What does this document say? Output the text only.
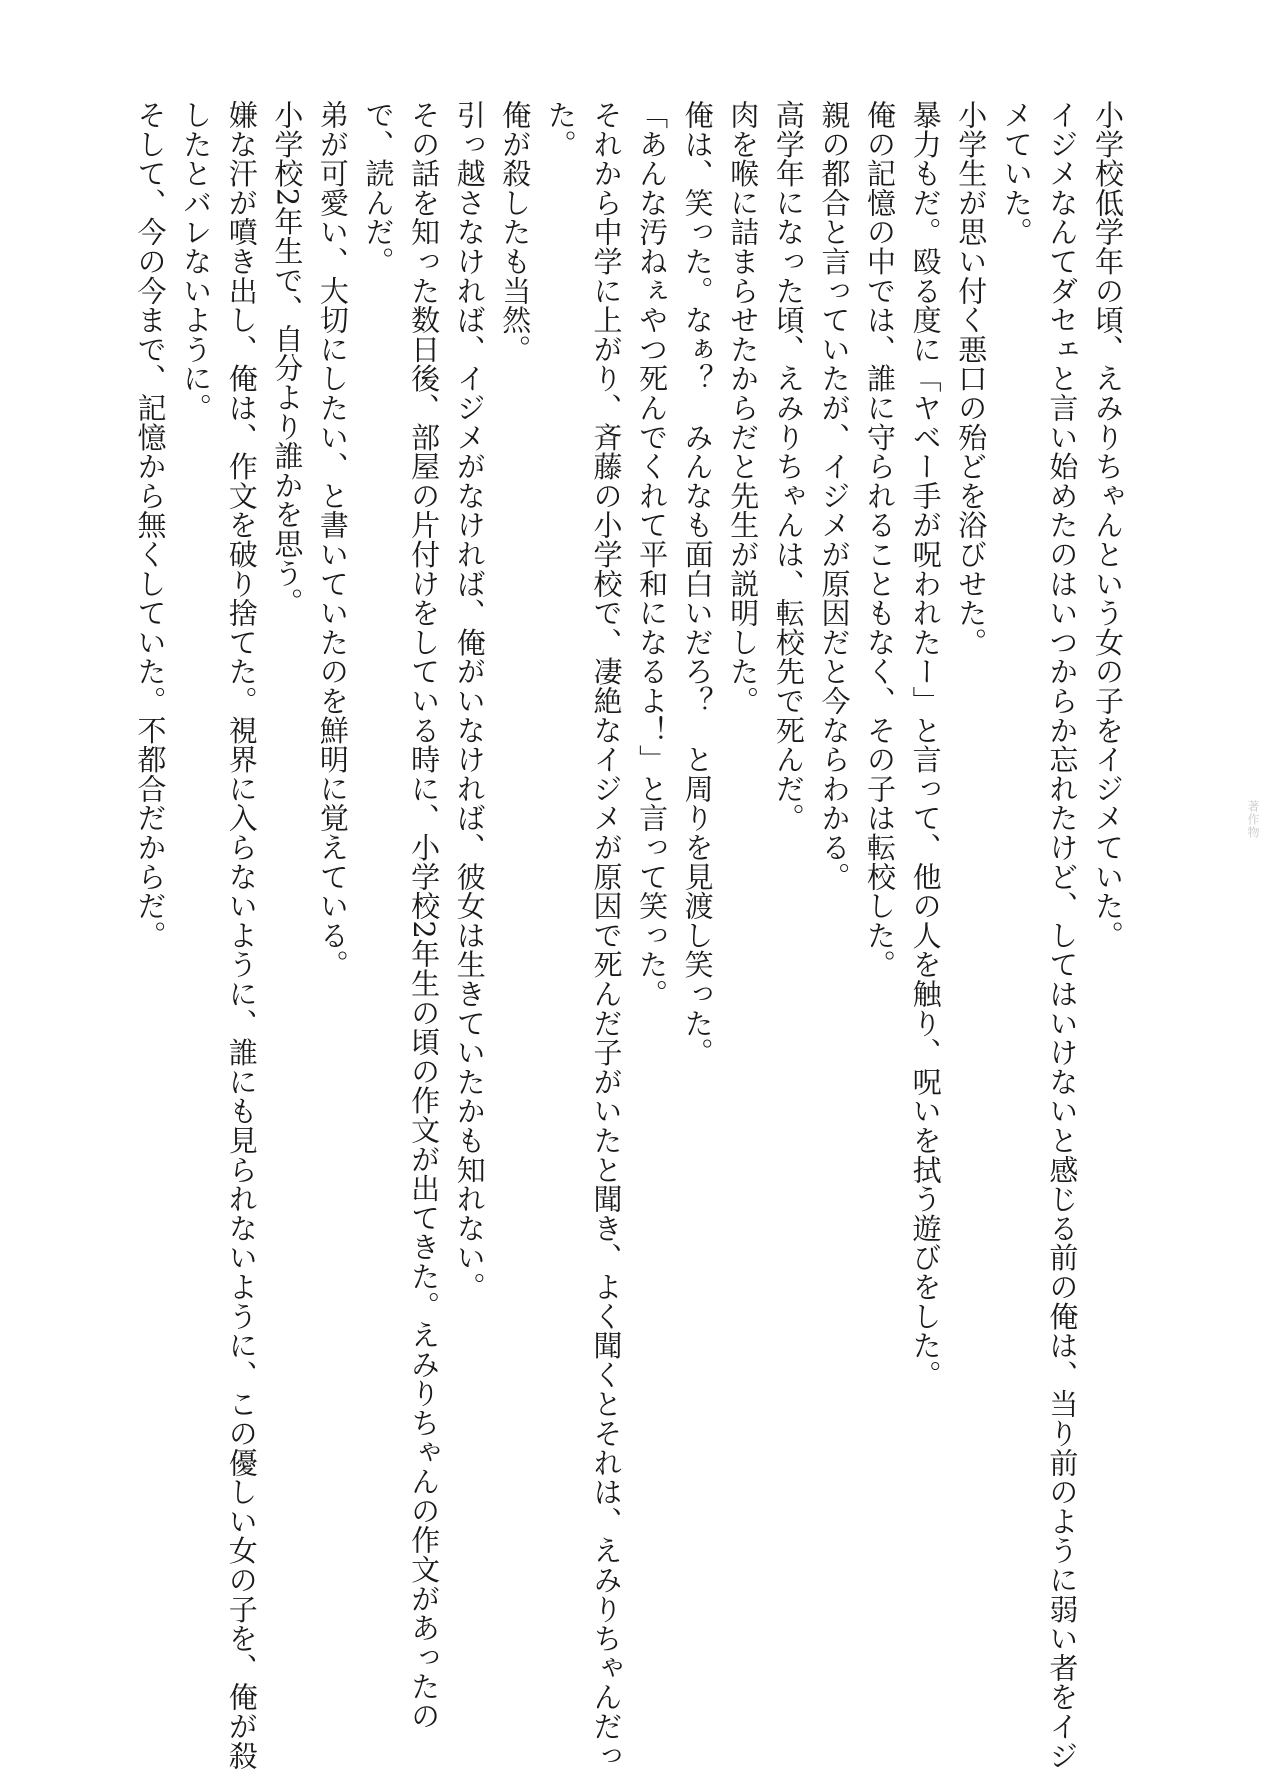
小学校低学年の頃、えみりちゃんという女の子をイジメていた。

イジメなんてダセェと言い始めたのはいつからか忘れたけど、してはいけないと感じる前の俺は、当り前のように弱い者をイジ

メていた。

小学生が思い付く悪口の殆どを浴びせた。

暴力もだ。殴る度に「ヤベー手が呪われたー」と言って、他の人を触り、呪いを拭う遊びをした。

俺の記憶の中では、誰に守られることもなく、その子は転校した。

親の都合と言っていたが、イジメが原因だと今ならわかる。

高学年になった頃、えみりちゃんは、転校先で死んだ。

肉を喉に詰まらせたからだと先生が説明した。

俺は、笑った。なぁ？　みんなも面白いだろ？　と周りを見渡し笑った。

「あんな汚ねぇやつ死んでくれて平和になるよ！」と言って笑った。

それから中学に上がり、斉藤の小学校で、凄絶なイジメが原因で死んだ子がいたと聞き、よく聞くとそれは、えみりちゃんだっ

た。

俺が殺したも当然。

引っ越さなければ、イジメがなければ、俺がいなければ、彼女は生きていたかも知れない。

その話を知った数日後、部屋の片付けをしている時に、小学校2年生の頃の作文が出てきた。えみりちゃんの作文があったの

で、読んだ。

弟が可愛い、大切にしたい、と書いていたのを鮮明に覚えている。

小学校2年生で、自分より誰かを思う。

嫌な汗が噴き出し、俺は、作文を破り捨てた。視界に入らないように、誰にも見られないように、この優しい女の子を、俺が殺

したとバレないように。

そして、今の今まで、記憶から無くしていた。不都合だからだ。	著作物
